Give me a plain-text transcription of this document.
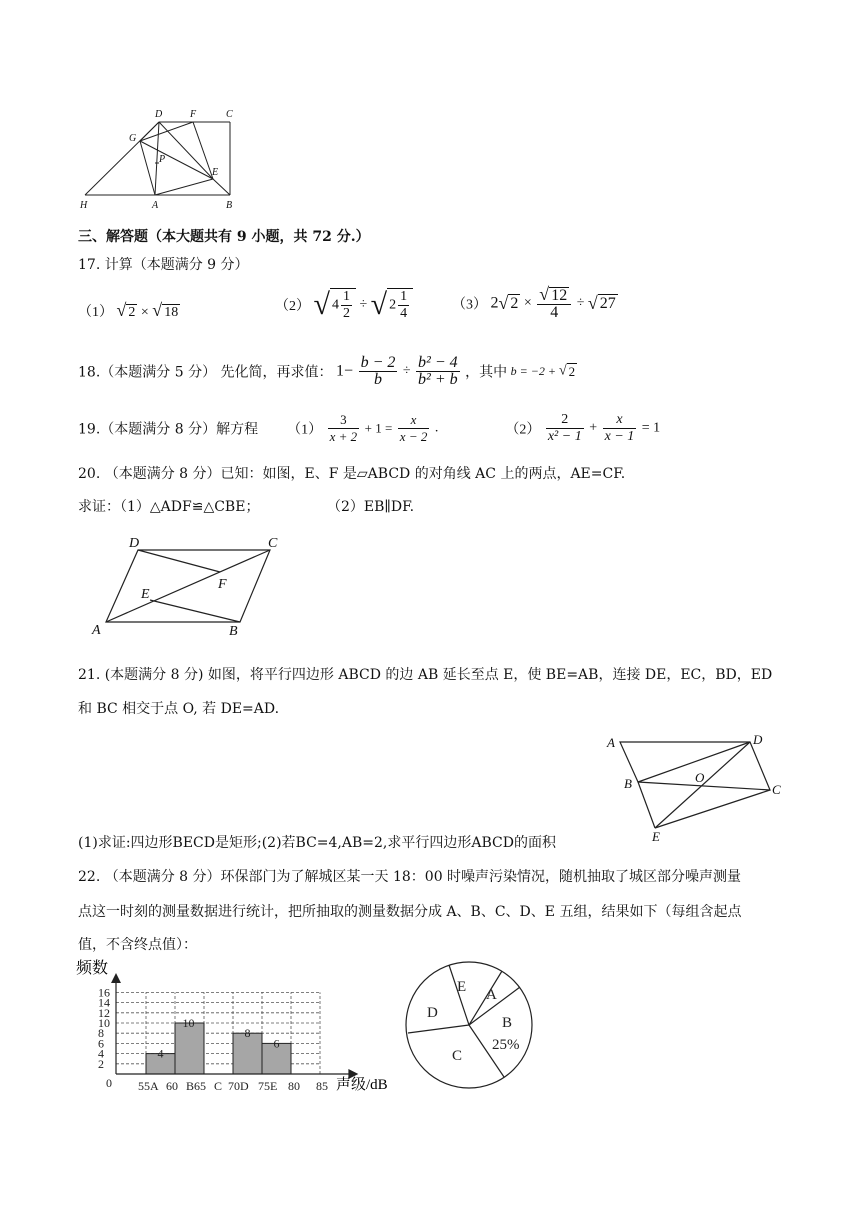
D	F	C
G
P
E
H	A	B
三、解答题（本大题共有 9 小题，共 72 分.）
17. 计算（本题满分 9 分）
（1） √ 2 × √ 18	（2） √ $4 \frac{1}{2}$ ÷ √ $2 \frac{1}{4}$	（3） 2√ $2 \times \frac{√ 12}{4}$ ÷ √ 27
18.（本题满分 5 分） 先化简，再求值： $1- \frac{b - 2}{b} \div \frac{\text{b² − 4}}{\text{b² + b}}$ ，其中 b = −2 + √ 2
19.（本题满分 8 分）解方程 $(1) \frac{3}{x + 2} + 1 = \frac{x}{x - 2}$ .	$(2) \frac{2}{\text{x² − 1}} + \frac{x}{x - 1} = 1$
20. （本题满分 8 分）已知：如图，E、F 是▱ABCD 的对角线 AC 上的两点，AE=CF.
求证：（1）△ADF≌△CBE；	（2）EB∥DF.
D	C
E
F
A	B
21. (本题满分 8 分) 如图，将平行四边形 ABCD 的边 AB 延长至点 E，使 BE=AB，连接 DE，EC，BD，ED
和 BC 相交于点 O, 若 DE=AD.
A	D
B	O
C
E
(1)求证:四边形BECD是矩形;(2)若BC=4,AB=2,求平行四边形ABCD的面积
22. （本题满分 8 分）环保部门为了解城区某一天 18：00 时噪声污染情况，随机抽取了城区部分噪声测量
点这一时刻的测量数据进行统计，把所抽取的测量数据分成 A、B、C、D、E 五组，结果如下（每组含起点
值，不含终点值）：
频数
16
14
12
10
8
6
4
2
0 55A 60 B65 C 70D 75E 80 85
4
10
8
6
声级/dB
E A
D
B
25%
C
